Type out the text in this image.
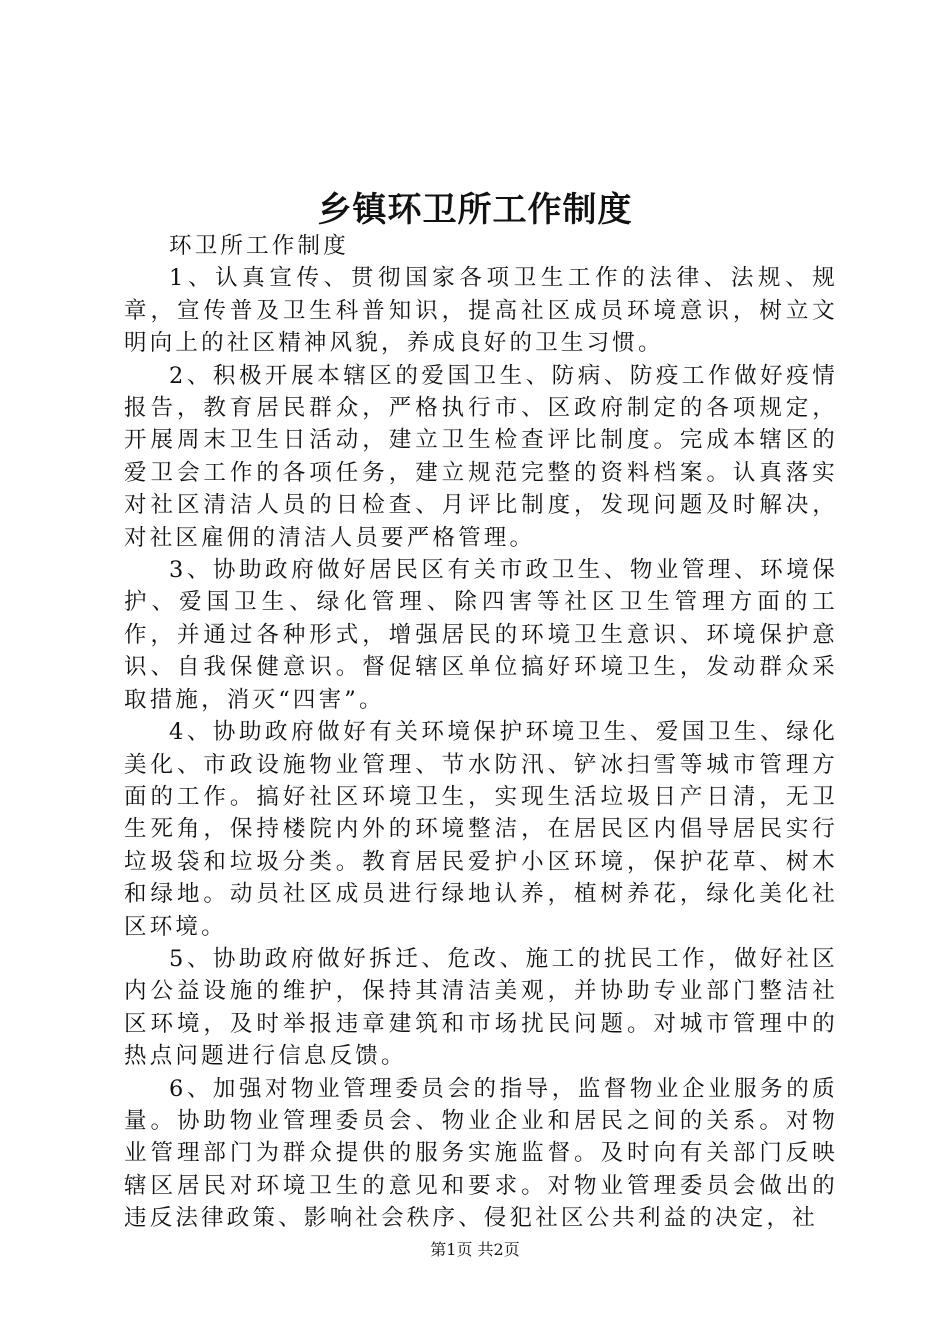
乡镇环卫所工作制度

环卫所工作制度

1、认真宣传、贯彻国家各项卫生工作的法律、法规、规章，宣传普及卫生科普知识，提高社区成员环境意识，树立文明向上的社区精神风貌，养成良好的卫生习惯。

2、积极开展本辖区的爱国卫生、防病、防疫工作做好疫情报告，教育居民群众，严格执行市、区政府制定的各项规定，开展周末卫生日活动，建立卫生检查评比制度。完成本辖区的爱卫会工作的各项任务，建立规范完整的资料档案。认真落实对社区清洁人员的日检查、月评比制度，发现问题及时解决，对社区雇佣的清洁人员要严格管理。

3、协助政府做好居民区有关市政卫生、物业管理、环境保护、爱国卫生、绿化管理、除四害等社区卫生管理方面的工作，并通过各种形式，增强居民的环境卫生意识、环境保护意识、自我保健意识。督促辖区单位搞好环境卫生，发动群众采取措施，消灭“四害”。

4、协助政府做好有关环境保护环境卫生、爱国卫生、绿化美化、市政设施物业管理、节水防汛、铲冰扫雪等城市管理方面的工作。搞好社区环境卫生，实现生活垃圾日产日清，无卫生死角，保持楼院内外的环境整洁，在居民区内倡导居民实行垃圾袋和垃圾分类。教育居民爱护小区环境，保护花草、树木和绿地。动员社区成员进行绿地认养，植树养花，绿化美化社区环境。

5、协助政府做好拆迁、危改、施工的扰民工作，做好社区内公益设施的维护，保持其清洁美观，并协助专业部门整洁社区环境，及时举报违章建筑和市场扰民问题。对城市管理中的热点问题进行信息反馈。

6、加强对物业管理委员会的指导，监督物业企业服务的质量。协助物业管理委员会、物业企业和居民之间的关系。对物业管理部门为群众提供的服务实施监督。及时向有关部门反映辖区居民对环境卫生的意见和要求。对物业管理委员会做出的违反法律政策、影响社会秩序、侵犯社区公共利益的决定，社

第1页 共2页
